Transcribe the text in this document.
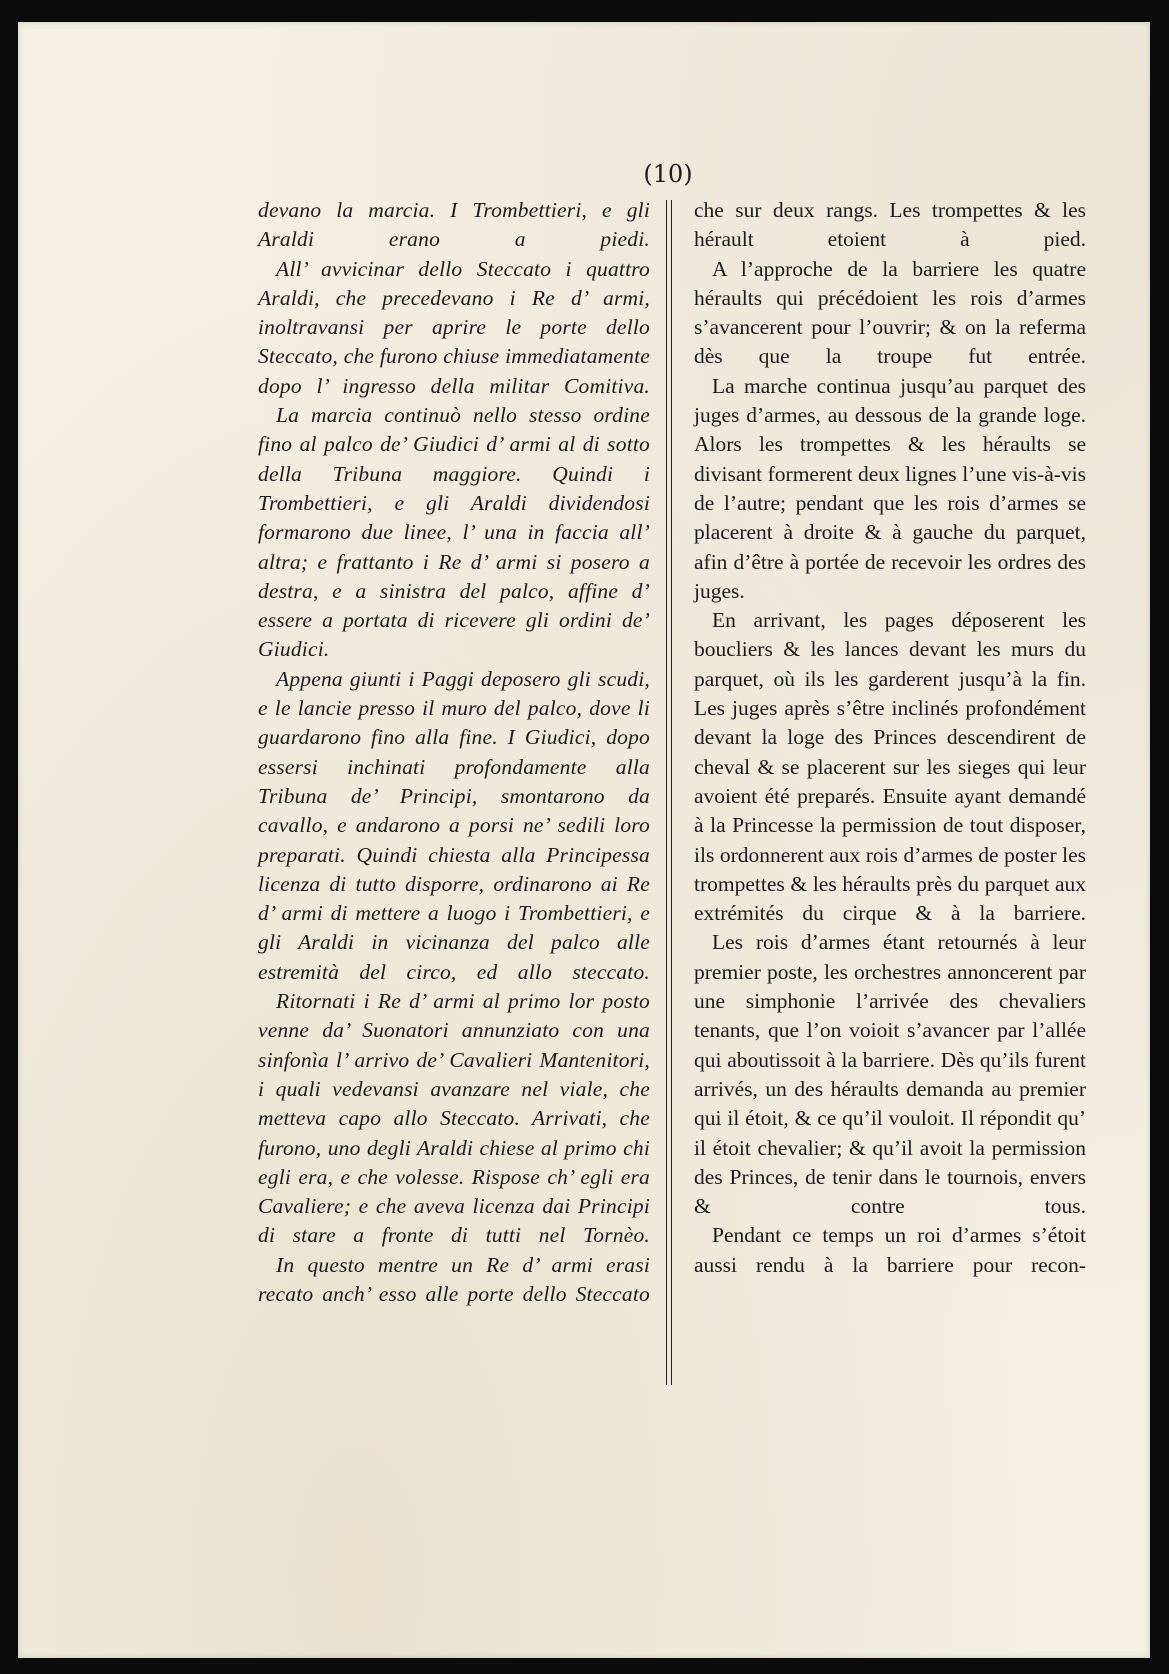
(10)

devano la marcia. I Trombettieri, e gli Araldi erano a piedi.

All’ avvicinar dello Steccato i quattro Araldi, che precedevano i Re d’ armi, inoltravansi per aprire le porte dello Steccato, che furono chiuse immediatamente dopo l’ ingresso della militar Comitiva.

La marcia continuò nello stesso ordine fino al palco de’ Giudici d’ armi al di sotto della Tribuna maggiore. Quindi i Trombettieri, e gli Araldi dividendosi formarono due linee, l’ una in faccia all’ altra; e frattanto i Re d’ armi si posero a destra, e a sinistra del palco, affine d’ essere a portata di ricevere gli ordini de’ Giudici.

Appena giunti i Paggi deposero gli scudi, e le lancie presso il muro del palco, dove li guardarono fino alla fine. I Giudici, dopo essersi inchinati profondamente alla Tribuna de’ Principi, smontarono da cavallo, e andarono a porsi ne’ sedili loro preparati. Quindi chiesta alla Principessa licenza di tutto disporre, ordinarono ai Re d’ armi di mettere a luogo i Trombettieri, e gli Araldi in vicinanza del palco alle estremità del circo, ed allo steccato.

Ritornati i Re d’ armi al primo lor posto venne da’ Suonatori annunziato con una sinfonìa l’ arrivo de’ Cavalieri Mantenitori, i quali vedevansi avanzare nel viale, che metteva capo allo Steccato. Arrivati, che furono, uno degli Araldi chiese al primo chi egli era, e che volesse. Rispose ch’ egli era Cavaliere; e che aveva licenza dai Principi di stare a fronte di tutti nel Tornèo.

In questo mentre un Re d’ armi erasi recato anch’ esso alle porte dello Steccato

che sur deux rangs. Les trompettes & les hérault etoient à pied.

A l’approche de la barriere les quatre héraults qui précédoient les rois d’armes s’avancerent pour l’ouvrir; & on la referma dès que la troupe fut entrée.

La marche continua jusqu’au parquet des juges d’armes, au dessous de la grande loge. Alors les trompettes & les héraults se divisant formerent deux lignes l’une vis-à-vis de l’autre; pendant que les rois d’armes se placerent à droite & à gauche du parquet, afin d’être à portée de recevoir les ordres des juges.

En arrivant, les pages déposerent les boucliers & les lances devant les murs du parquet, où ils les garderent jusqu’à la fin. Les juges après s’être inclinés profondément devant la loge des Princes descendirent de cheval & se placerent sur les sieges qui leur avoient été preparés. Ensuite ayant demandé à la Princesse la permission de tout disposer, ils ordonnerent aux rois d’armes de poster les trompettes & les héraults près du parquet aux extrémités du cirque & à la barriere.

Les rois d’armes étant retournés à leur premier poste, les orchestres annoncerent par une simphonie l’arrivée des chevaliers tenants, que l’on voioit s’avancer par l’allée qui aboutissoit à la barriere. Dès qu’ils furent arrivés, un des héraults demanda au premier qui il étoit, & ce qu’il vouloit. Il répondit qu’ il étoit chevalier; & qu’il avoit la permission des Princes, de tenir dans le tournois, envers & contre tous.

Pendant ce temps un roi d’armes s’étoit aussi rendu à la barriere pour recon-
